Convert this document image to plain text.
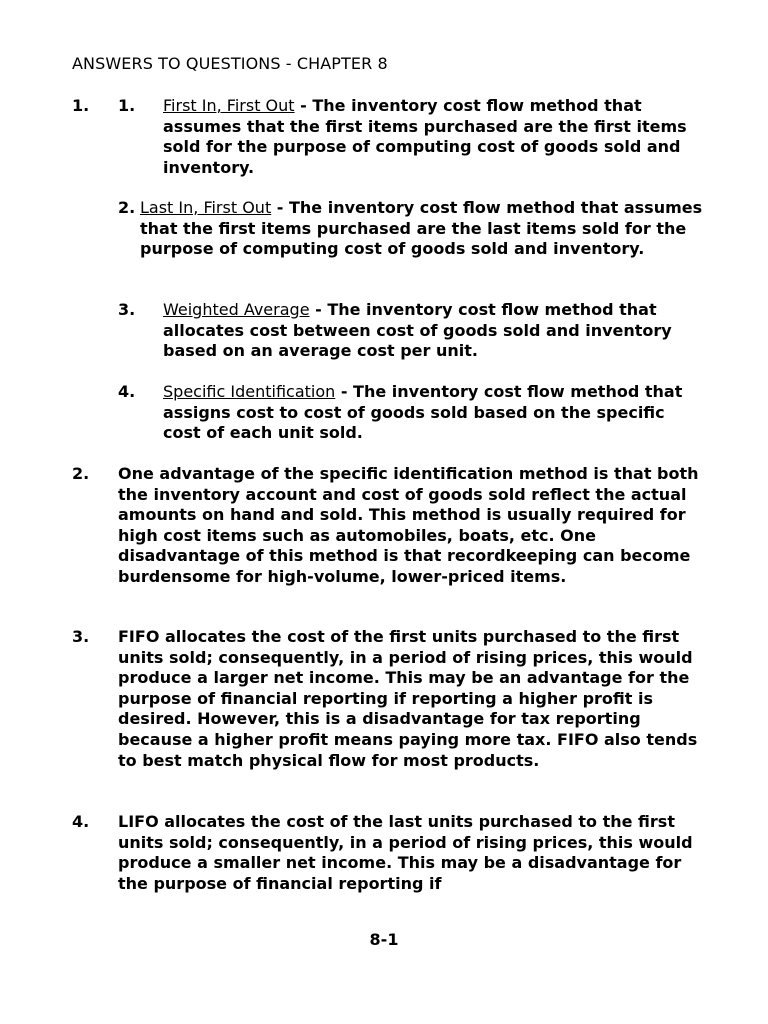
ANSWERS TO QUESTIONS - CHAPTER 8
1. 1. First In, First Out - The inventory cost flow method that assumes that the first items purchased are the first items sold for the purpose of computing cost of goods sold and inventory.
2. Last In, First Out - The inventory cost flow method that assumes that the first items purchased are the last items sold for the purpose of computing cost of goods sold and inventory.
3. Weighted Average - The inventory cost flow method that allocates cost between cost of goods sold and inventory based on an average cost per unit.
4. Specific Identification - The inventory cost flow method that assigns cost to cost of goods sold based on the specific cost of each unit sold.
2. One advantage of the specific identification method is that both the inventory account and cost of goods sold reflect the actual amounts on hand and sold. This method is usually required for high cost items such as automobiles, boats, etc. One disadvantage of this method is that recordkeeping can become burdensome for high-volume, lower-priced items.
3. FIFO allocates the cost of the first units purchased to the first units sold; consequently, in a period of rising prices, this would produce a larger net income. This may be an advantage for the purpose of financial reporting if reporting a higher profit is desired. However, this is a disadvantage for tax reporting because a higher profit means paying more tax. FIFO also tends to best match physical flow for most products.
4. LIFO allocates the cost of the last units purchased to the first units sold; consequently, in a period of rising prices, this would produce a smaller net income. This may be a disadvantage for the purpose of financial reporting if
8-1
